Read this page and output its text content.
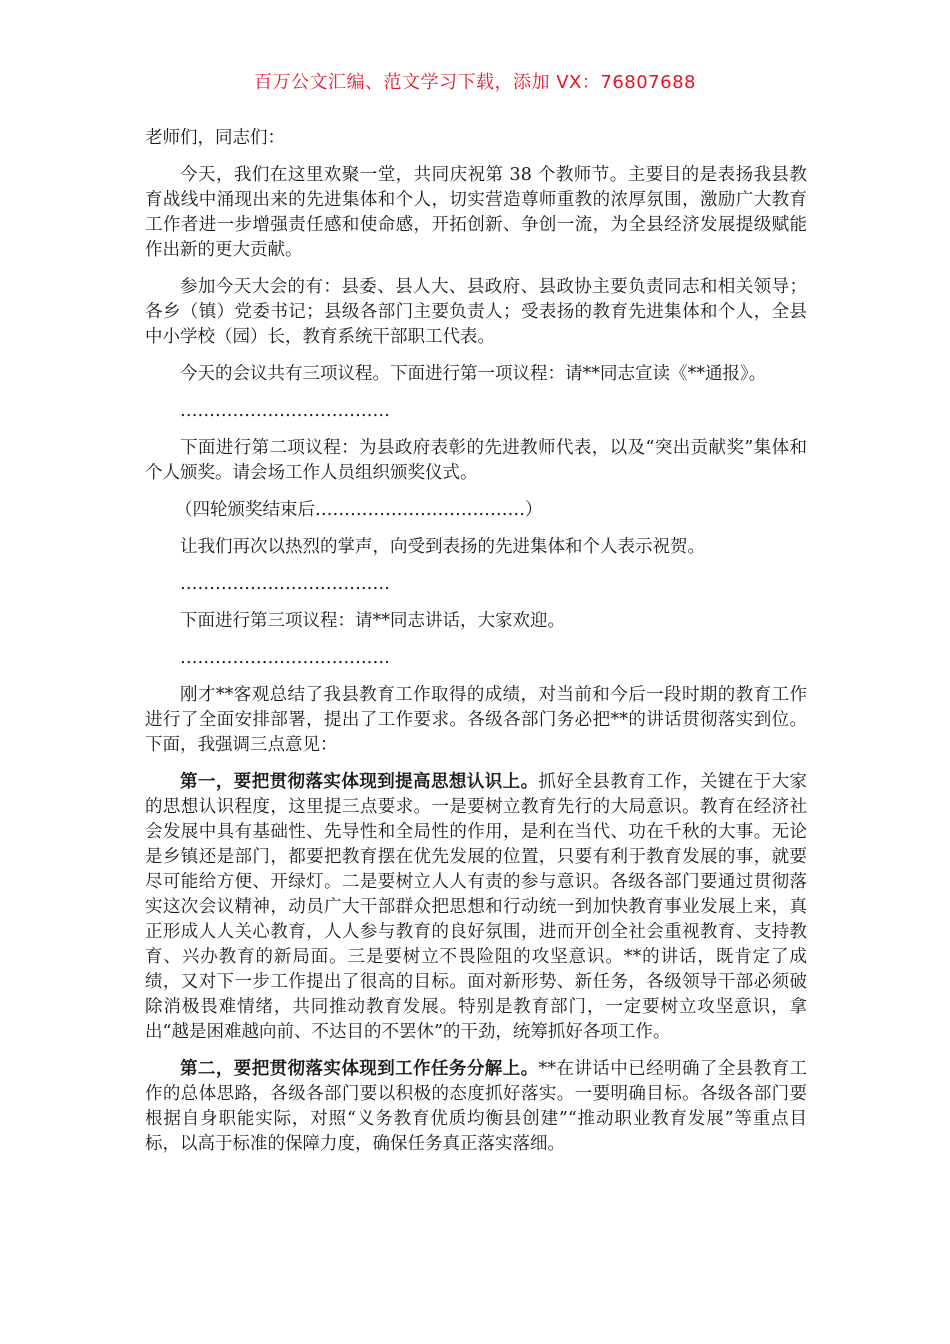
百万公文汇编、范文学习下载，添加 VX：76807688

老师们，同志们：

今天，我们在这里欢聚一堂，共同庆祝第 38 个教师节。主要目的是表扬我县教育战线中涌现出来的先进集体和个人，切实营造尊师重教的浓厚氛围，激励广大教育工作者进一步增强责任感和使命感，开拓创新、争创一流，为全县经济发展提级赋能作出新的更大贡献。

参加今天大会的有：县委、县人大、县政府、县政协主要负责同志和相关领导；各乡（镇）党委书记；县级各部门主要负责人；受表扬的教育先进集体和个人，全县中小学校（园）长，教育系统干部职工代表。

今天的会议共有三项议程。下面进行第一项议程：请**同志宣读《**通报》。

………………………………

下面进行第二项议程：为县政府表彰的先进教师代表，以及“突出贡献奖”集体和个人颁奖。请会场工作人员组织颁奖仪式。

（四轮颁奖结束后………………………………）

让我们再次以热烈的掌声，向受到表扬的先进集体和个人表示祝贺。

………………………………

下面进行第三项议程：请**同志讲话，大家欢迎。

………………………………

刚才**客观总结了我县教育工作取得的成绩，对当前和今后一段时期的教育工作进行了全面安排部署，提出了工作要求。各级各部门务必把**的讲话贯彻落实到位。下面，我强调三点意见：

第一，要把贯彻落实体现到提高思想认识上。抓好全县教育工作，关键在于大家的思想认识程度，这里提三点要求。一是要树立教育先行的大局意识。教育在经济社会发展中具有基础性、先导性和全局性的作用，是利在当代、功在千秋的大事。无论是乡镇还是部门，都要把教育摆在优先发展的位置，只要有利于教育发展的事，就要尽可能给方便、开绿灯。二是要树立人人有责的参与意识。各级各部门要通过贯彻落实这次会议精神，动员广大干部群众把思想和行动统一到加快教育事业发展上来，真正形成人人关心教育，人人参与教育的良好氛围，进而开创全社会重视教育、支持教育、兴办教育的新局面。三是要树立不畏险阻的攻坚意识。**的讲话，既肯定了成绩，又对下一步工作提出了很高的目标。面对新形势、新任务，各级领导干部必须破除消极畏难情绪，共同推动教育发展。特别是教育部门，一定要树立攻坚意识，拿出“越是困难越向前、不达目的不罢休”的干劲，统筹抓好各项工作。

第二，要把贯彻落实体现到工作任务分解上。**在讲话中已经明确了全县教育工作的总体思路，各级各部门要以积极的态度抓好落实。一要明确目标。各级各部门要根据自身职能实际，对照“义务教育优质均衡县创建”“推动职业教育发展”等重点目标，以高于标准的保障力度，确保任务真正落实落细。
